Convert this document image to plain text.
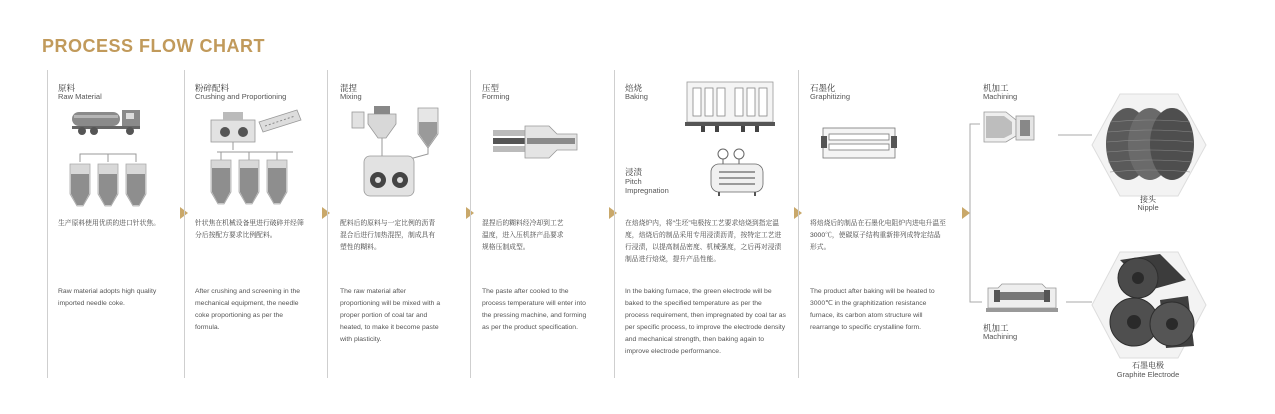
PROCESS FLOW CHART
原料
Raw Material
生产原料使用优质的进口针状焦。
Raw material adopts high quality imported needle coke.
粉碎配料
Crushing and Proportioning
针状焦在机械设备里进行破碎并经筛分后按配方要求比例配料。
After crushing and screening in the mechanical equipment, the needle coke proportioning as per the formula.
混捏
Mixing
配料后的原料与一定比例的沥青混合后进行加热混捏，制成具有塑性的糊料。
The raw material after proportioning will be mixed with a proper portion of coal tar and heated, to make it become paste with plasticity.
压型
Forming
混捏后的糊料经冷却到工艺温度，进入压机挤产品要求规格压制成型。
The paste after cooled to the process temperature will enter into the pressing machine, and forming as per the product specification.
焙烧
Baking
浸渍
Pitch
Impregnation
在焙烧炉内，将“生坯”电极按工艺要求焙烧到指定温度，焙烧后的制品采用专用浸渍沥青，按特定工艺进行浸渍，以提高制品密度、机械强度，之后再对浸渍制品进行焙烧，提升产品性能。
In the baking furnace, the green electrode will be baked to the specified temperature as per the process requirement, then impregnated by coal tar as per specific process, to improve the electrode density and mechanical strength, then baking again to improve electrode performance.
石墨化
Graphitizing
将焙烧后的制品在石墨化电阻炉内进电升温至3000℃，使碳原子结构重新排列成特定结晶形式。
The product after baking will be heated to 3000℃ in the graphitization resistance furnace, its carbon atom structure will rearrange to specific crystalline form.
机加工
Machining
接头
Nipple
机加工
Machining
石墨电极
Graphite Electrode
